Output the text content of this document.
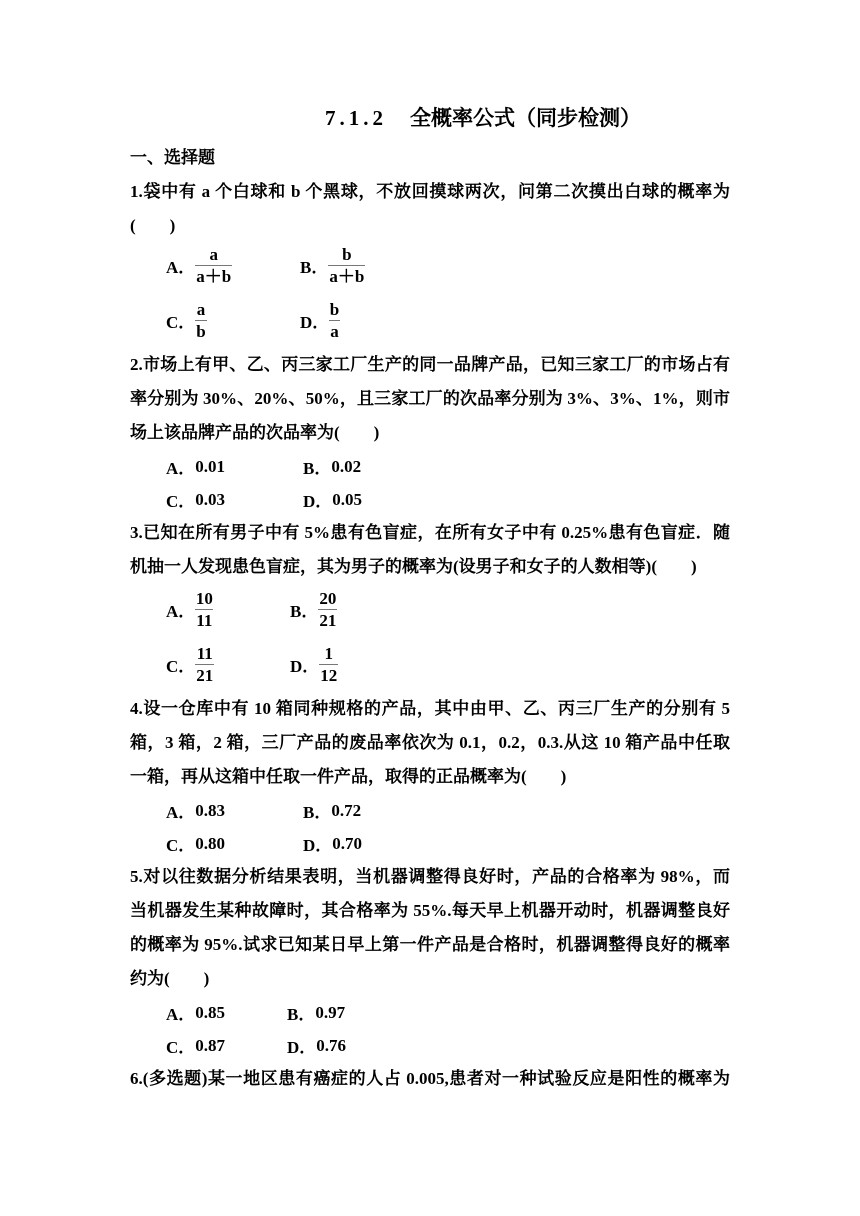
7.1.2 全概率公式（同步检测）
一、选择题
1.袋中有 a 个白球和 b 个黑球，不放回摸球两次，问第二次摸出白球的概率为
(　　)
A． $\frac{a}{a+b}$	B． $\frac{b}{a+b}$
C． $\frac{a}{b}$	D． $\frac{b}{a}$
2.市场上有甲、乙、丙三家工厂生产的同一品牌产品，已知三家工厂的市场占有
率分别为 30%、20%、50%，且三家工厂的次品率分别为 3%、3%、1%，则市
场上该品牌产品的次品率为(　　)
A． 0.01	B． 0.02
C． 0.03	D． 0.05
3.已知在所有男子中有 5%患有色盲症，在所有女子中有 0.25%患有色盲症．随
机抽一人发现患色盲症，其为男子的概率为(设男子和女子的人数相等)(　　)
A． $\frac{10}{11}$	B． $\frac{20}{21}$
C． $\frac{11}{21}$	D． $\frac{1}{12}$
4.设一仓库中有 10 箱同种规格的产品，其中由甲、乙、丙三厂生产的分别有 5
箱，3 箱，2 箱，三厂产品的废品率依次为 0.1，0.2，0.3.从这 10 箱产品中任取
一箱，再从这箱中任取一件产品，取得的正品概率为(　　)
A． 0.83	B． 0.72
C． 0.80	D． 0.70
5.对以往数据分析结果表明，当机器调整得良好时，产品的合格率为 98%，而
当机器发生某种故障时，其合格率为 55%.每天早上机器开动时，机器调整良好
的概率为 95%.试求已知某日早上第一件产品是合格时，机器调整得良好的概率
约为(　　)
A． 0.85	B． 0.97
C． 0.87	D． 0.76
6.(多选题)某一地区患有癌症的人占 0.005,患者对一种试验反应是阳性的概率为
